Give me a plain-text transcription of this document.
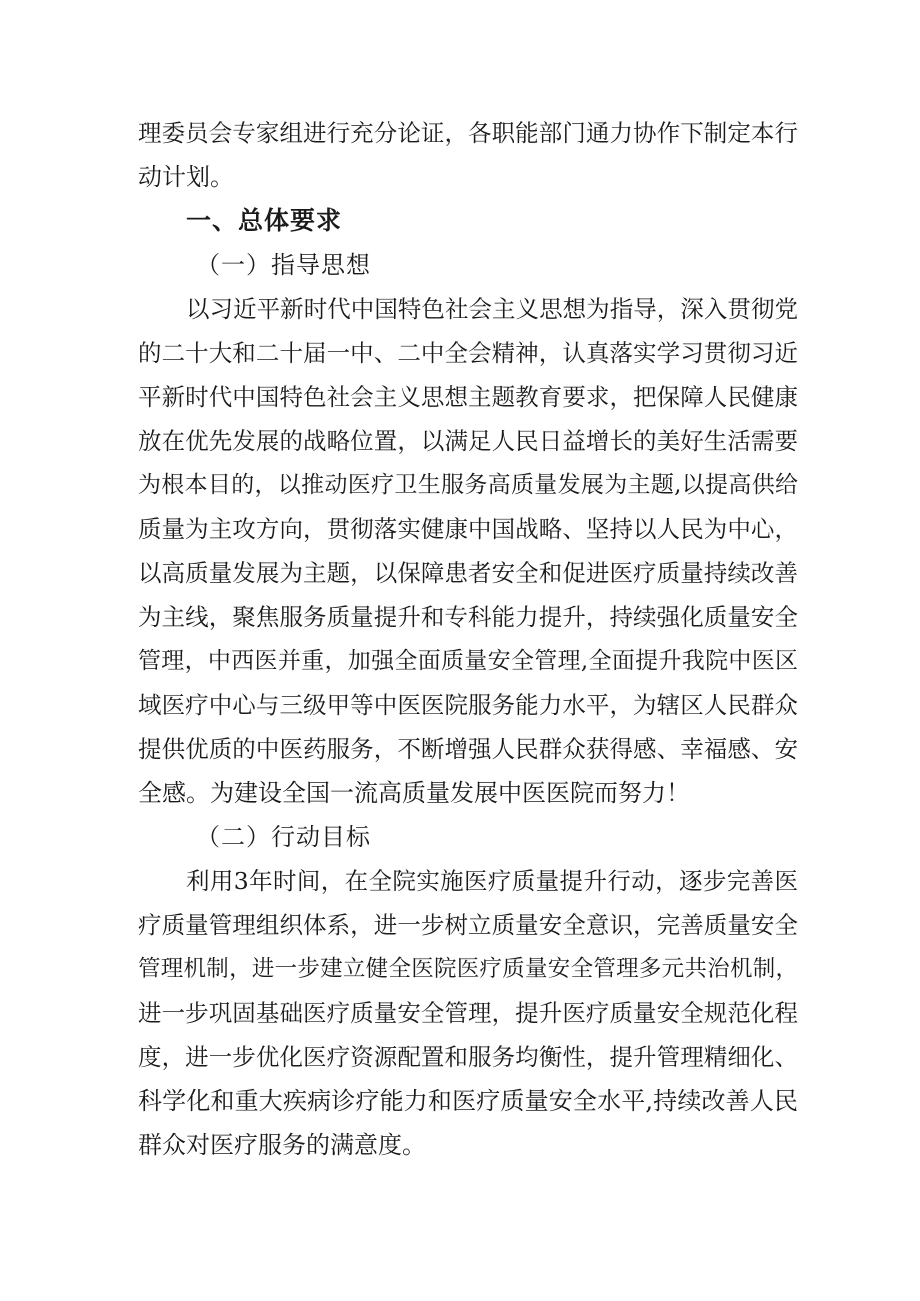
理委员会专家组进行充分论证，各职能部门通力协作下制定本行
动计划。
一、总体要求
（一）指导思想
以习近平新时代中国特色社会主义思想为指导，深入贯彻党
的二十大和二十届一中、二中全会精神，认真落实学习贯彻习近
平新时代中国特色社会主义思想主题教育要求，把保障人民健康
放在优先发展的战略位置，以满足人民日益增长的美好生活需要
为根本目的，以推动医疗卫生服务高质量发展为主题,以提高供给
质量为主攻方向，贯彻落实健康中国战略、坚持以人民为中心，
以高质量发展为主题，以保障患者安全和促进医疗质量持续改善
为主线，聚焦服务质量提升和专科能力提升，持续强化质量安全
管理，中西医并重，加强全面质量安全管理,全面提升我院中医区
域医疗中心与三级甲等中医医院服务能力水平，为辖区人民群众
提供优质的中医药服务，不断增强人民群众获得感、幸福感、安
全感。为建设全国一流高质量发展中医医院而努力！
（二）行动目标
利用3年时间，在全院实施医疗质量提升行动，逐步完善医
疗质量管理组织体系，进一步树立质量安全意识，完善质量安全
管理机制，进一步建立健全医院医疗质量安全管理多元共治机制，
进一步巩固基础医疗质量安全管理，提升医疗质量安全规范化程
度，进一步优化医疗资源配置和服务均衡性，提升管理精细化、
科学化和重大疾病诊疗能力和医疗质量安全水平,持续改善人民
群众对医疗服务的满意度。
